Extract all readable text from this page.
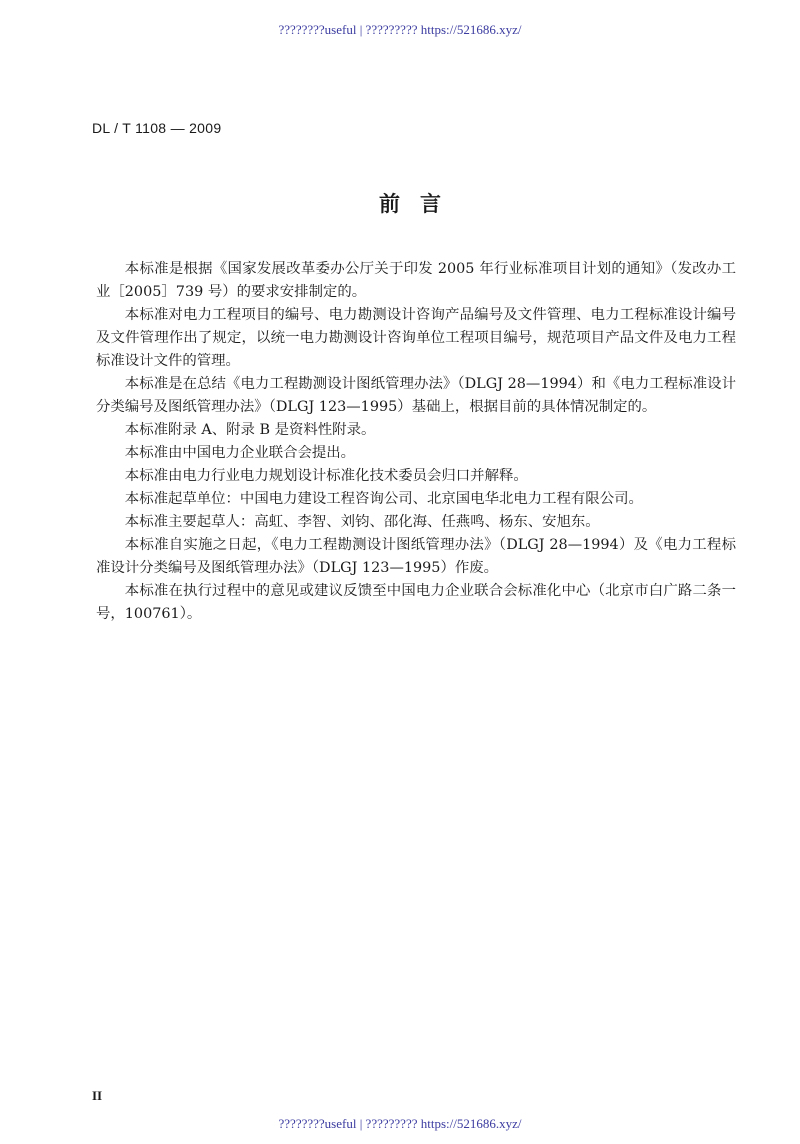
????????useful | ????????? https://521686.xyz/
DL / T 1108 — 2009
前言

本标准是根据《国家发展改革委办公厅关于印发 2005 年行业标准项目计划的通知》（发改办工业［2005］739 号）的要求安排制定的。

本标准对电力工程项目的编号、电力勘测设计咨询产品编号及文件管理、电力工程标准设计编号及文件管理作出了规定，以统一电力勘测设计咨询单位工程项目编号，规范项目产品文件及电力工程标准设计文件的管理。

本标准是在总结《电力工程勘测设计图纸管理办法》（DLGJ 28—1994）和《电力工程标准设计分类编号及图纸管理办法》（DLGJ 123—1995）基础上，根据目前的具体情况制定的。

本标准附录 A、附录 B 是资料性附录。

本标准由中国电力企业联合会提出。

本标准由电力行业电力规划设计标准化技术委员会归口并解释。

本标准起草单位：中国电力建设工程咨询公司、北京国电华北电力工程有限公司。

本标准主要起草人：高虹、李智、刘钧、邵化海、任燕鸣、杨东、安旭东。

本标准自实施之日起，《电力工程勘测设计图纸管理办法》（DLGJ 28—1994）及《电力工程标准设计分类编号及图纸管理办法》（DLGJ 123—1995）作废。

本标准在执行过程中的意见或建议反馈至中国电力企业联合会标准化中心（北京市白广路二条一号，100761）。

II
????????useful | ????????? https://521686.xyz/
